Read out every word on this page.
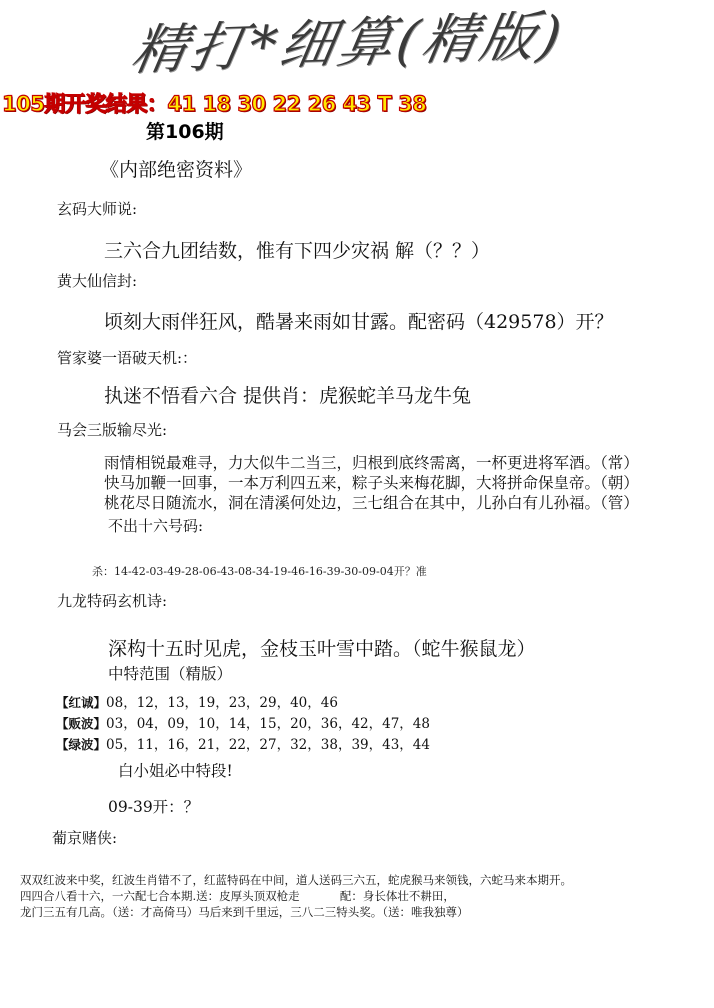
精打*细算(精版)
105期开奖结果：41 18 30 22 26 43 T 38
第106期
《内部绝密资料》
玄码大师说:
三六合九团结数，惟有下四少灾祸 解（？？）
黄大仙信封:
顷刻大雨伴狂风，酷暑来雨如甘露。配密码（429578）开？
管家婆一语破天机:：
执迷不悟看六合 提供肖：虎猴蛇羊马龙牛兔
马会三版输尽光:
雨情相锐最难寻，力大似牛二当三，归根到底终需离，一杯更进将军酒。（常）
快马加鞭一回事，一本万利四五来，粽子头来梅花脚，大将拼命保皇帝。（朝）
桃花尽日随流水，洞在清溪何处边，三七组合在其中，儿孙白有儿孙福。（管）
不出十六号码:
杀：14-42-03-49-28-06-43-08-34-19-46-16-39-30-09-04开？准
九龙特码玄机诗:
深构十五时见虎，金枝玉叶雪中踏。（蛇牛猴鼠龙）
中特范围（精版）
【红诚】08，12，13，19，23，29，40，46
【贩波】03，04，09，10，14，15，20，36，42，47，48
【绿波】05，11，16，21，22，27，32，38，39，43，44
白小姐必中特段!
09-39开：？
葡京赌侠:
双双红波来中奖，红波生肖错不了，红蓝特码在中间，道人送码三六五，蛇虎猴马来领钱，六蛇马来本期开。
四四合八看十六，一六配七合本期.送：皮厚头顶双枪走           配：身长体壮不耕田，
龙门三五有几高。（送：才高倚马）马后来到千里远，三八二三特头奖。（送：唯我独尊）
